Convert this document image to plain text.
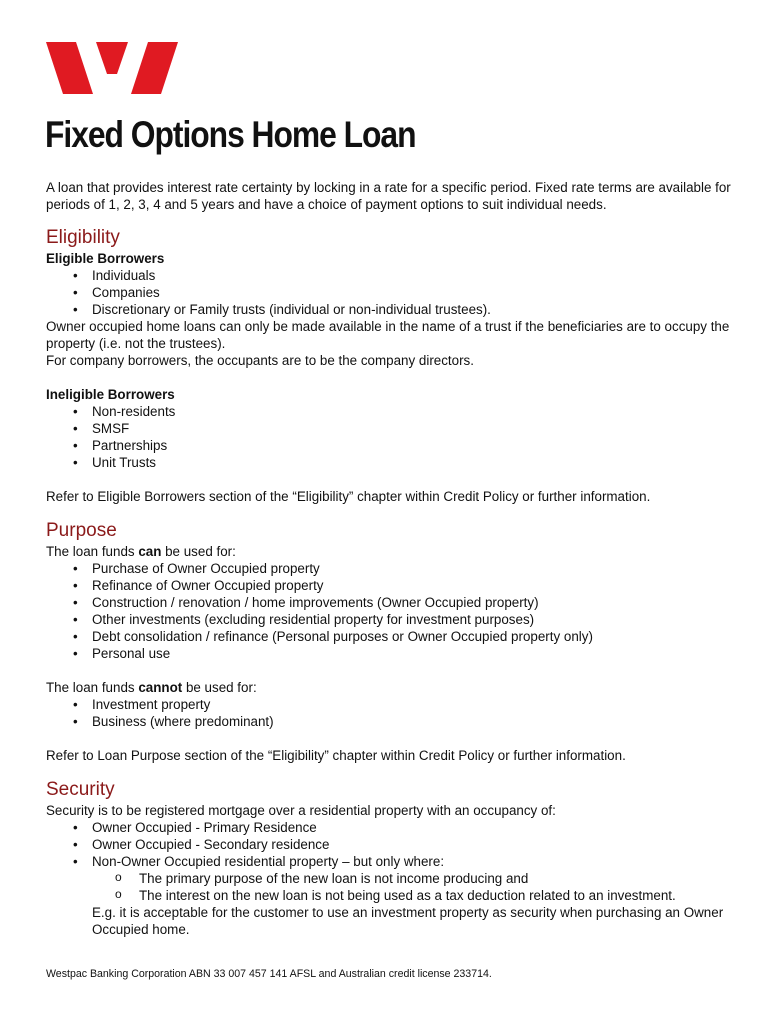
Fixed Options Home Loan

A loan that provides interest rate certainty by locking in a rate for a specific period. Fixed rate terms are available for periods of 1, 2, 3, 4 and 5 years and have a choice of payment options to suit individual needs.

Eligibility

Eligible Borrowers

• Individuals
• Companies
• Discretionary or Family trusts (individual or non-individual trustees).

Owner occupied home loans can only be made available in the name of a trust if the beneficiaries are to occupy the property (i.e. not the trustees).

For company borrowers, the occupants are to be the company directors.

Ineligible Borrowers

• Non-residents
• SMSF
• Partnerships
• Unit Trusts

Refer to Eligible Borrowers section of the “Eligibility” chapter within Credit Policy or further information.

Purpose

The loan funds can be used for:

• Purchase of Owner Occupied property
• Refinance of Owner Occupied property
• Construction / renovation / home improvements (Owner Occupied property)
• Other investments (excluding residential property for investment purposes)
• Debt consolidation / refinance (Personal purposes or Owner Occupied property only)
• Personal use

The loan funds cannot be used for:

• Investment property
• Business (where predominant)

Refer to Loan Purpose section of the “Eligibility” chapter within Credit Policy or further information.

Security

Security is to be registered mortgage over a residential property with an occupancy of:

• Owner Occupied - Primary Residence
• Owner Occupied - Secondary residence
• Non-Owner Occupied residential property – but only where:
o The primary purpose of the new loan is not income producing and
o The interest on the new loan is not being used as a tax deduction related to an investment.

E.g. it is acceptable for the customer to use an investment property as security when purchasing an Owner Occupied home.

Westpac Banking Corporation ABN 33 007 457 141 AFSL and Australian credit license 233714.
